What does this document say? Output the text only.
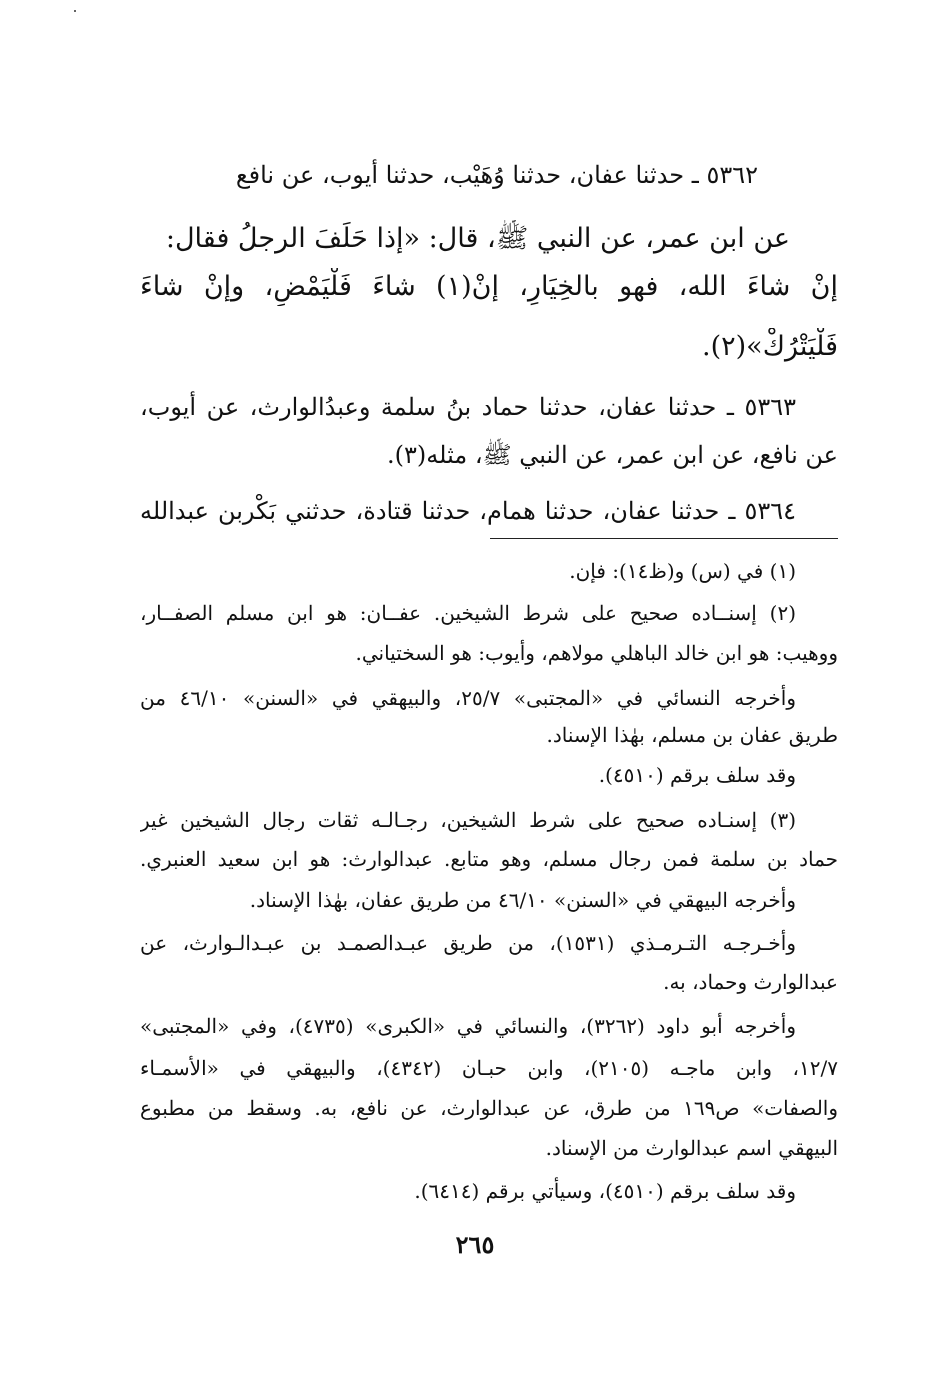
٥٣٦٢ ـ حدثنا عفان، حدثنا وُهَيْب، حدثنا أيوب، عن نافع
عن ابن عمر، عن النبي ﷺ، قال: «إذا حَلَفَ الرجلُ فقال:
إنْ شاءَ الله، فهو بالخِيَارِ، إنْ(١) شاءَ فَلْيَمْضِ، وإنْ شاءَ
فَلْيَتْرُكْ»(٢).
٥٣٦٣ ـ حدثنا عفان، حدثنا حماد بنُ سلمة وعبدُالوارث، عن أيوب،
عن نافع، عن ابن عمر، عن النبي ﷺ، مثله(٣).
٥٣٦٤ ـ حدثنا عفان، حدثنا همام، حدثنا قتادة، حدثني بَكْربن عبدالله
(١) في (س) و(ظ١٤): فإن.
(٢) إسنــاده صحيح على شرط الشيخين. عفــان: هو ابن مسلم الصفــار،
ووهيب: هو ابن خالد الباهلي مولاهم، وأيوب: هو السختياني.
وأخرجه النسائي في «المجتبى» ٢٥/٧، والبيهقي في «السنن» ٤٦/١٠ من
طريق عفان بن مسلم، بهٰذا الإسناد.
وقد سلف برقم (٤٥١٠).
(٣) إسنـاده صحيح على شرط الشيخين، رجـالـه ثقات رجال الشيخين غير
حماد بن سلمة فمن رجال مسلم، وهو متابع. عبدالوارث: هو ابن سعيد العنبري.
وأخرجه البيهقي في «السنن» ٤٦/١٠ من طريق عفان، بهٰذا الإسناد.
وأخـرجـه التـرمـذي (١٥٣١)، من طريق عبـدالصمـد بن عبـدالـوارث، عن
عبدالوارث وحماد، به.
وأخرجه أبو داود (٣٢٦٢)، والنسائي في «الكبرى» (٤٧٣٥)، وفي «المجتبى»
١٢/٧، وابن ماجـه (٢١٠٥)، وابن حبـان (٤٣٤٢)، والبيهقي في «الأسمـاء
والصفات» ص١٦٩ من طرق، عن عبدالوارث، عن نافع، به. وسقط من مطبوع
البيهقي اسم عبدالوارث من الإسناد.
وقد سلف برقم (٤٥١٠)، وسيأتي برقم (٦٤١٤).
٢٦٥
